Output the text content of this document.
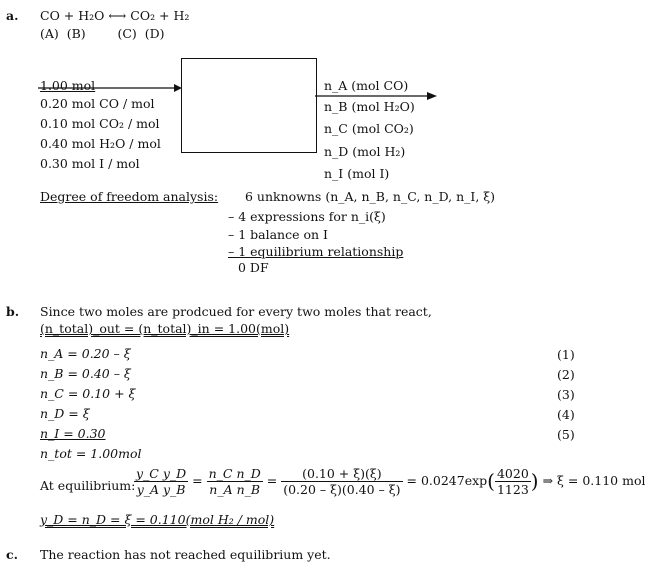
a. CO + H₂O ⟷ CO₂ + H₂
(A)  (B)        (C)  (D)
1.00 mol
0.20 mol CO / mol
0.10 mol CO₂ / mol
0.40 mol H₂O / mol
0.30 mol I / mol
n_A (mol CO)
n_B (mol H₂O)
n_C (mol CO₂)
n_D (mol H₂)
n_I (mol I)
Degree of freedom analysis: 6 unknowns (n_A, n_B, n_C, n_D, n_I, ξ)
– 4 expressions for n_i(ξ)
– 1 balance on I
– 1 equilibrium relationship
0 DF
b. Since two moles are prodcued for every two moles that react,
(n_total)_out = (n_total)_in = 1.00(mol)
n_A = 0.20 – ξ	(1)
n_B = 0.40 – ξ	(2)
n_C = 0.10 + ξ	(3)
n_D = ξ	(4)
n_I = 0.30	(5)
n_tot = 1.00mol
At equilibrium:
$\frac{\text{y\_C y\_D}}{\text{y\_A y\_B}} = \frac{\text{n\_C n\_D}}{\text{n\_A n\_B}} = \frac{(0.10 + \xi)(\xi)}{(0.20 - \xi)(0.40 - \xi)} = 0.0247\exp( \frac{4020}{1123}$ ) ⇒ ξ = 0.110 mol
y_D = n_D = ξ = 0.110(mol H₂ / mol)
c. The reaction has not reached equilibrium yet.
